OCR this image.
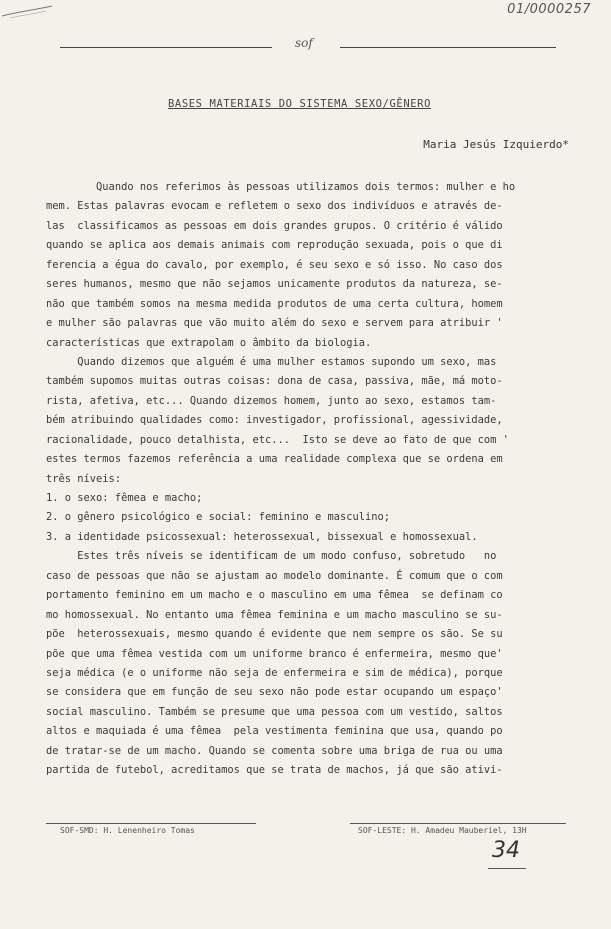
01/0000257
sof
BASES MATERIAIS DO SISTEMA SEXO/GÊNERO
Maria Jesús Izquierdo*
Quando nos referimos às pessoas utilizamos dois termos: mulher e ho
mem. Estas palavras evocam e refletem o sexo dos indivíduos e através de-
las  classificamos as pessoas em dois grandes grupos. O critério é válido
quando se aplica aos demais animais com reprodução sexuada, pois o que di
ferencia a égua do cavalo, por exemplo, é seu sexo e só isso. No caso dos
seres humanos, mesmo que não sejamos unicamente produtos da natureza, se-
não que também somos na mesma medida produtos de uma certa cultura, homem
e mulher são palavras que vão muito além do sexo e servem para atribuir '
características que extrapolam o âmbito da biologia.
Quando dizemos que alguém é uma mulher estamos supondo um sexo, mas
também supomos muitas outras coisas: dona de casa, passiva, mãe, má moto-
rista, afetiva, etc... Quando dizemos homem, junto ao sexo, estamos tam-
bém atribuindo qualidades como: investigador, profissional, agessividade,
racionalidade, pouco detalhista, etc...  Isto se deve ao fato de que com '
estes termos fazemos referência a uma realidade complexa que se ordena em
três níveis:
1. o sexo: fêmea e macho;
2. o gênero psicológico e social: feminino e masculino;
3. a identidade psicossexual: heterossexual, bissexual e homossexual.
Estes três níveis se identificam de um modo confuso, sobretudo   no
caso de pessoas que não se ajustam ao modelo dominante. É comum que o com
portamento feminino em um macho e o masculino em uma fêmea  se definam co
mo homossexual. No entanto uma fêmea feminina e um macho masculino se su-
põe  heterossexuais, mesmo quando é evidente que nem sempre os são. Se su
põe que uma fêmea vestida com um uniforme branco é enfermeira, mesmo que'
seja médica (e o uniforme não seja de enfermeira e sim de médica), porque
se considera que em função de seu sexo não pode estar ocupando um espaço'
social masculino. Também se presume que uma pessoa com um vestido, saltos
altos e maquiada é uma fêmea  pela vestimenta feminina que usa, quando po
de tratar-se de um macho. Quando se comenta sobre uma briga de rua ou uma
partida de futebol, acreditamos que se trata de machos, já que são ativi-
SOF-SMD: H. Lenenheiro Tomas	SOF-LESTE: H. Amadeu Mauberiel, 13H
34
